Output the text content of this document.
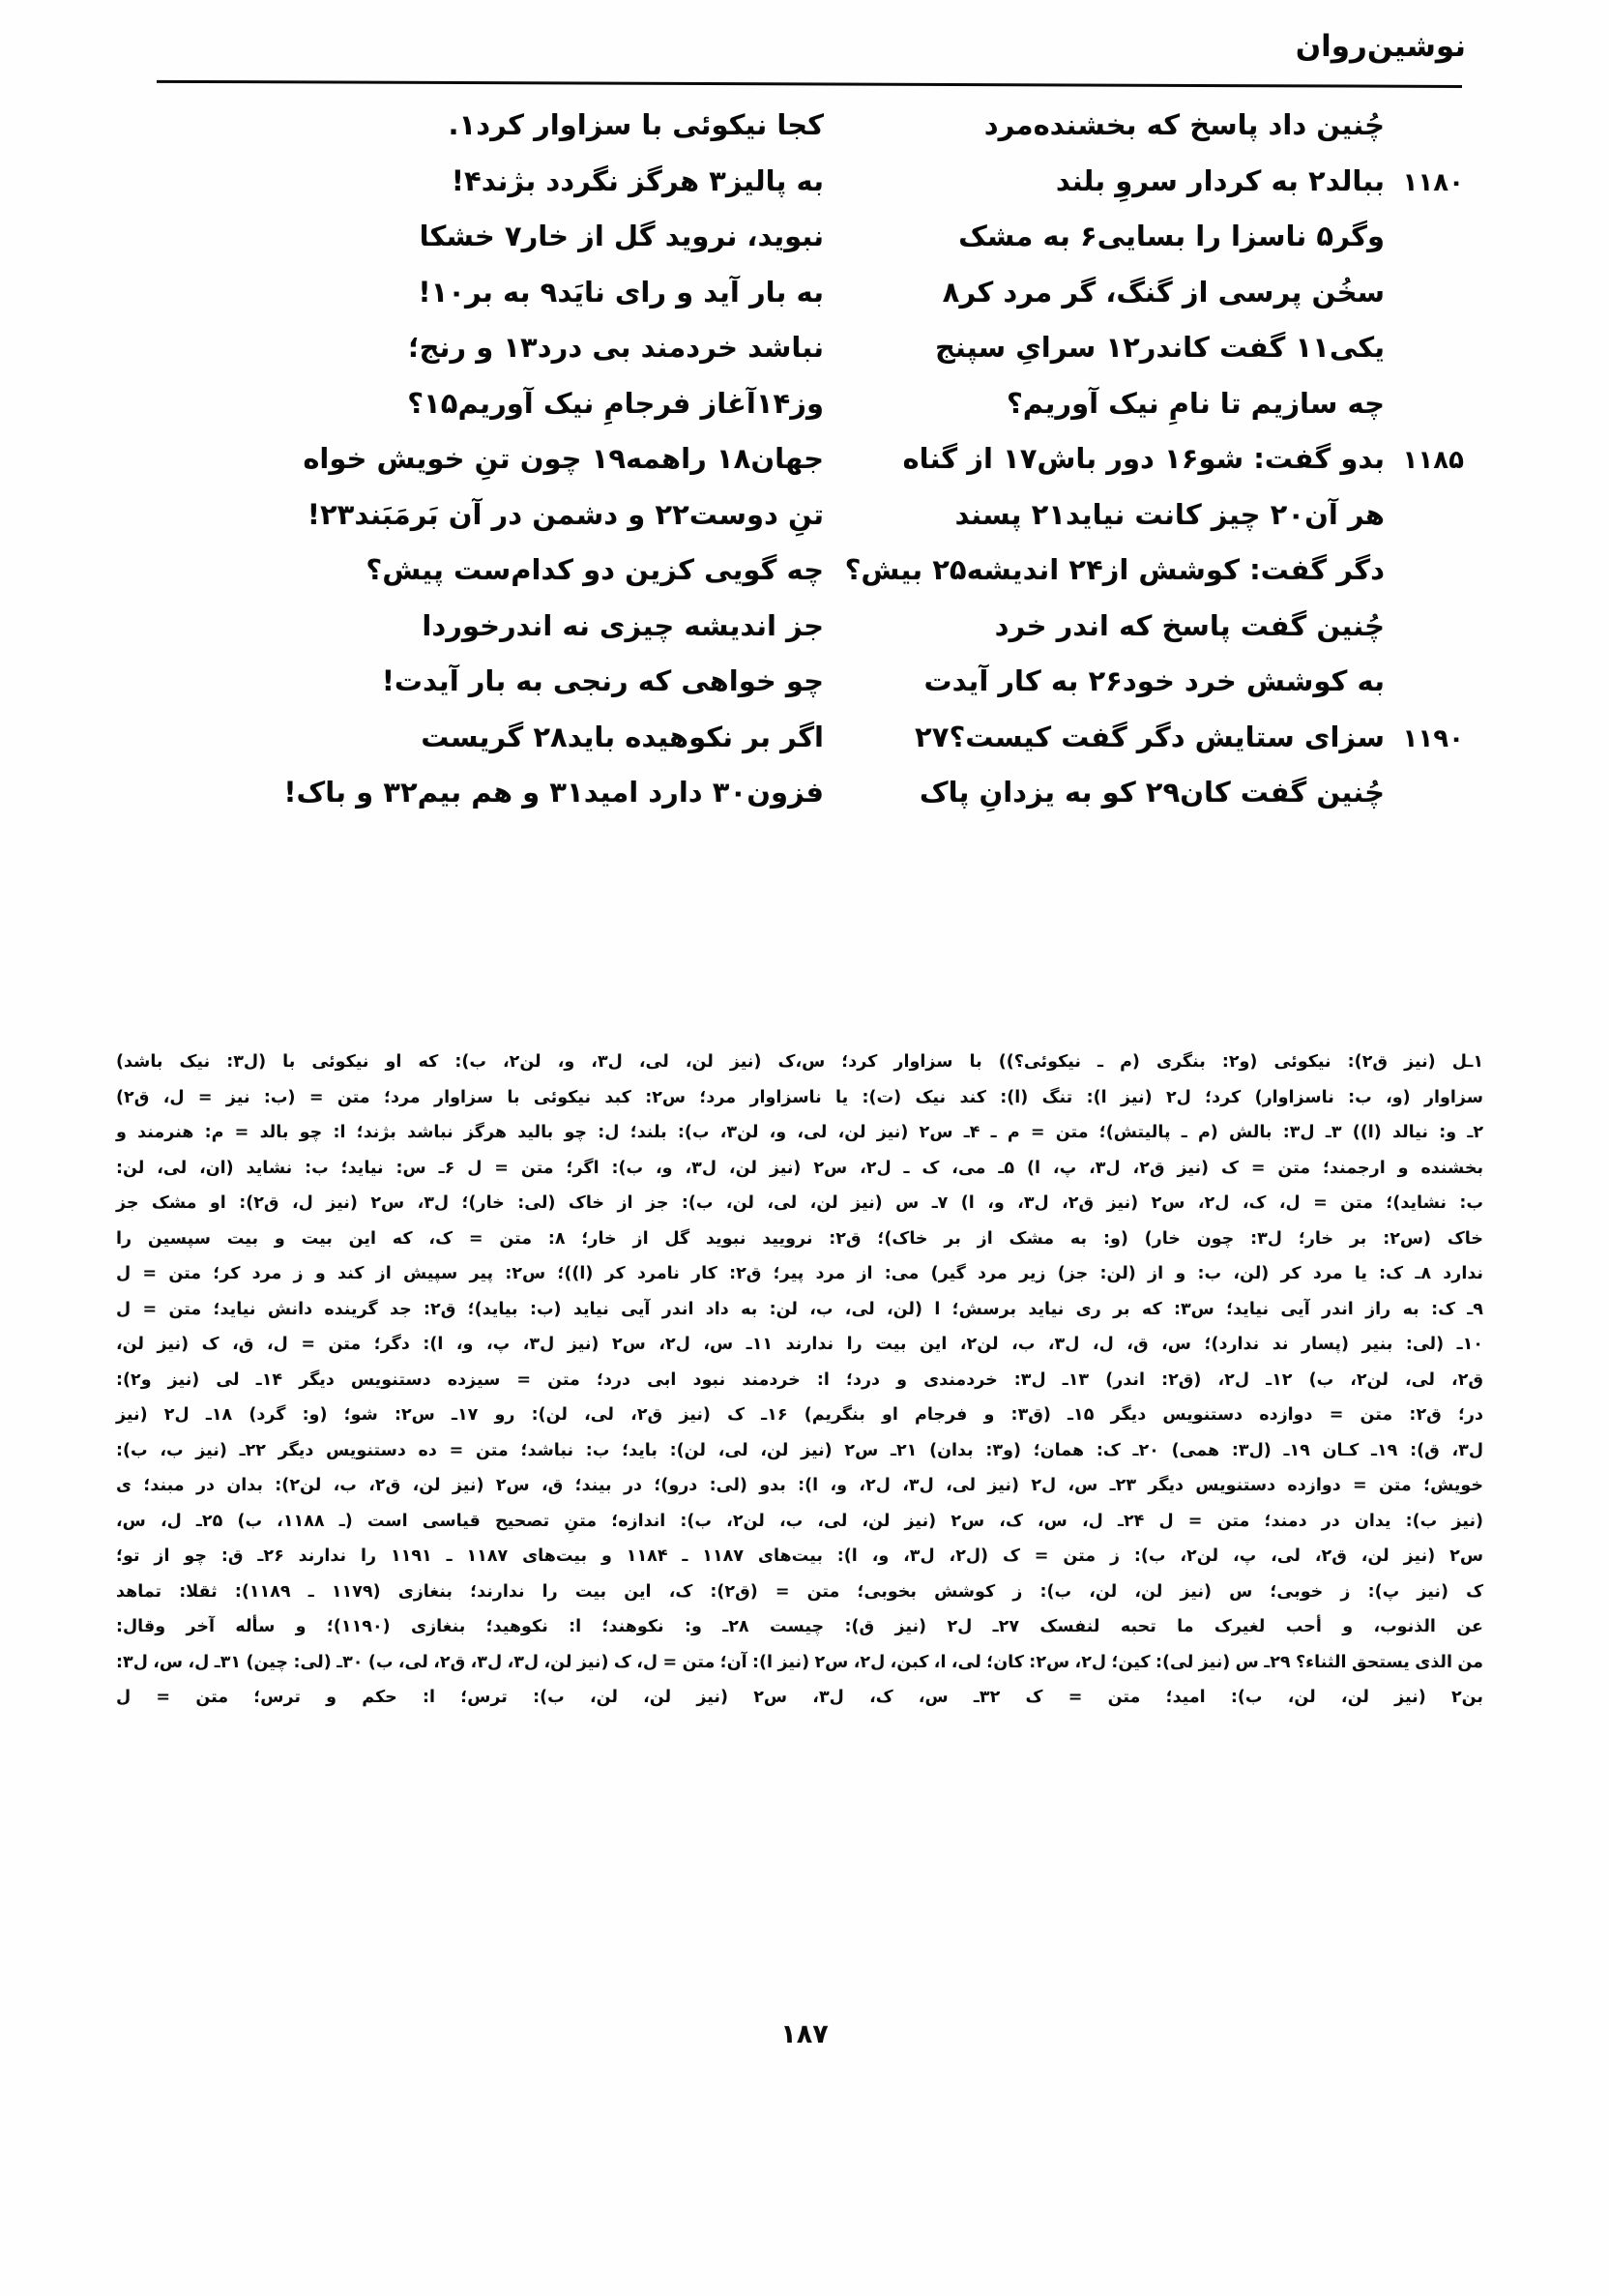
نوشین‌روان
چُنین داد پاسخ که بخشنده‌مرد
۱۱۸۰
ببالد۲ به کردار سروِ بلند
وگر۵ ناسزا را بسایی۶ به مشک
سخُن پرسی از گنگ، گر مرد کر۸
یکی۱۱ گفت کاندر۱۲ سرایِ سپنج
چه سازیم تا نامِ نیک آوریم؟
۱۱۸۵
بدو گفت: شو۱۶ دور باش۱۷ از گناه
هر آن۲۰ چیز کانت نیاید۲۱ پسند
دگر گفت: کوشش از۲۴ اندیشه۲۵ بیش؟
چُنین گفت پاسخ که اندر خرد
به کوشش خرد خود۲۶ به کار آیدت
۱۱۹۰
سزای ستایش دگر گفت کیست؟۲۷
چُنین گفت کان۲۹ کو به یزدانِ پاک
کجا نیکوئی با سزاوار کرد۱.
به پالیز۳ هرگز نگردد بژند۴!
نبوید، نروید گل از خار۷ خشکا
به بار آید و رای نایَد۹ به بر۱۰!
نباشد خردمند بی درد۱۳ و رنج؛
وز۱۴آغاز فرجامِ نیک آوریم۱۵؟
جهان۱۸ راهمه۱۹ چون تنِ خویش خواه
تنِ دوست۲۲ و دشمن در آن بَرمَبَند۲۳!
چه گویی کزین دو کدام‌ست پیش؟
جز اندیشه چیزی نه اندرخوردا
چو خواهی که رنجی به بار آیدت!
اگر بر نکوهیده باید۲۸ گریست
فزون۳۰ دارد امید۳۱ و هم بیم۳۲ و باک!
۱ـل (نیز ق۲): نیکوئی (و۲: بنگری (م ـ نیکوئی؟)) با سزاوار کرد؛ س،ک (نیز لن، لی، ل۳، و، لن۲، ب): که او نیکوئی با (ل۳: نیک باشد)
سزاوار (و، ب: ناسزاوار) کرد؛ ل۲ (نیز ا): تنگ (ا): کند نیک (ت): یا ناسزاوار مرد؛ س۲: کبد نیکوئی با سزاوار مرد؛ متن = (ب: نیز = ل، ق۲)
۲ـ و: نیالد (ا)) ۳ـ ل۳: بالش (م ـ پالیتش)؛ متن = م ـ ۴ـ س۲ (نیز لن، لی، و، لن۳، ب): بلند؛ ل: چو بالید هرگز نباشد بژند؛ ا: چو بالد = م: هنرمند و
بخشنده و ارجمند؛ متن = ک (نیز ق۲، ل۳، پ، ا) ۵ـ می، ک ـ ل۲، س۲ (نیز لن، ل۳، و، ب): اگر؛ متن = ل ۶ـ س: نیاید؛ ب: نشاید (ان، لی، لن:
ب: نشاید)؛ متن = ل، ک، ل۲، س۲ (نیز ق۲، ل۳، و، ا) ۷ـ س (نیز لن، لی، لن، ب): جز از خاک (لی: خار)؛ ل۳، س۲ (نیز ل، ق۲): او مشک جز
خاک (س۲: بر خار؛ ل۳: چون خار) (و: به مشک از بر خاک)؛ ق۲: نرویید نبوید گل از خار؛ ۸: متن = ک، که این بیت و بیت سپسین را
ندارد ۸ـ ک: یا مرد کر (لن، ب: و از (لن: جز) زیر مرد گیر) می: از مرد پیر؛ ق۲: کار نامرد کر (ا))؛ س۲: پیر سپیش از کند و ز مرد کر؛ متن = ل
۹ـ ک: به راز اندر آیی نیاید؛ س۳: که بر ری نیاید برسش؛ ا (لن، لی، ب، لن: به داد اندر آیی نیاید (ب: بیاید)؛ ق۲: جد گرینده دانش نیاید؛ متن = ل
۱۰ـ (لی: بنیر (پسار ند ندارد)؛ س، ق، ل، ل۳، ب، لن۲، این بیت را ندارند ۱۱ـ س، ل۲، س۲ (نیز ل۳، پ، و، ا): دگر؛ متن = ل، ق، ک (نیز لن،
ق۲، لی، لن۲، ب) ۱۲ـ ل۲، (ق۲: اندر) ۱۳ـ ل۳: خردمندی و درد؛ ا: خردمند نبود ابی درد؛ متن = سیزده دستنویس دیگر ۱۴ـ لی (نیز و۲):
در؛ ق۲: متن = دوازده دستنویس دیگر ۱۵ـ (ق۳: و فرجام او بنگریم) ۱۶ـ ک (نیز ق۲، لی، لن): رو ۱۷ـ س۲: شو؛ (و: گرد) ۱۸ـ ل۲ (نیز
ل۳، ق): ۱۹ـ کـان ۱۹ـ (ل۳: همی) ۲۰ـ ک: همان؛ (و۳: بدان) ۲۱ـ س۲ (نیز لن، لی، لن): باید؛ ب: نباشد؛ متن = ده دستنویس دیگر ۲۲ـ (نیز ب، ب):
خویش؛ متن = دوازده دستنویس دیگر ۲۳ـ س، ل۲ (نیز لی، ل۳، ل۲، و، ا): بدو (لی: درو)؛ در بیند؛ ق، س۲ (نیز لن، ق۲، ب، لن۲): بدان در مبند؛ ی
(نیز ب): یدان در دمند؛ متن = ل ۲۴ـ ل، س، ک، س۲ (نیز لن، لی، ب، لن۲، ب): اندازه؛ متنِ تصحیح قیاسی است (ـ ۱۱۸۸، ب) ۲۵ـ ل، س،
س۲ (نیز لن، ق۲، لی، پ، لن۲، ب): ز متن = ک (ل۲، ل۳، و، ا): بیت‌های ۱۱۸۷ ـ ۱۱۸۴ و بیت‌های ۱۱۸۷ ـ ۱۱۹۱ را ندارند ۲۶ـ ق: چو از تو؛
ک (نیز پ): ز خوبی؛ س (نیز لن، لن، ب): ز کوشش بخوبی؛ متن = (ق۲): ک، این بیت را ندارند؛ بنغازی (۱۱۷۹ ـ ۱۱۸۹): ثقلا: تماهد
عن الذنوب، و أحب لغیرک ما تحبه لنفسک ۲۷ـ ل۲ (نیز ق): چیست ۲۸ـ و: نکوهند؛ ا: نکوهید؛ بنغازی (۱۱۹۰)؛ و سأله آخر وقال:
من الذی یستحق الثناء؟ ۲۹ـ س (نیز لی): کین؛ ل۲، س۲: کان؛ لی، ا، کبن، ل۲، س۲ (نیز ا): آن؛ متن = ل، ک (نیز لن، ل۳، ل۳، ق۲، لی، ب) ۳۰ـ (لی: چین) ۳۱ـ ل، س، ل۳:
بن۲ (نیز لن، لن، ب): امید؛ متن = ک ۳۲ـ س، ک، ل۳، س۲ (نیز لن، لن، ب): ترس؛ ا: حکم و ترس؛ متن = ل
۱۸۷
